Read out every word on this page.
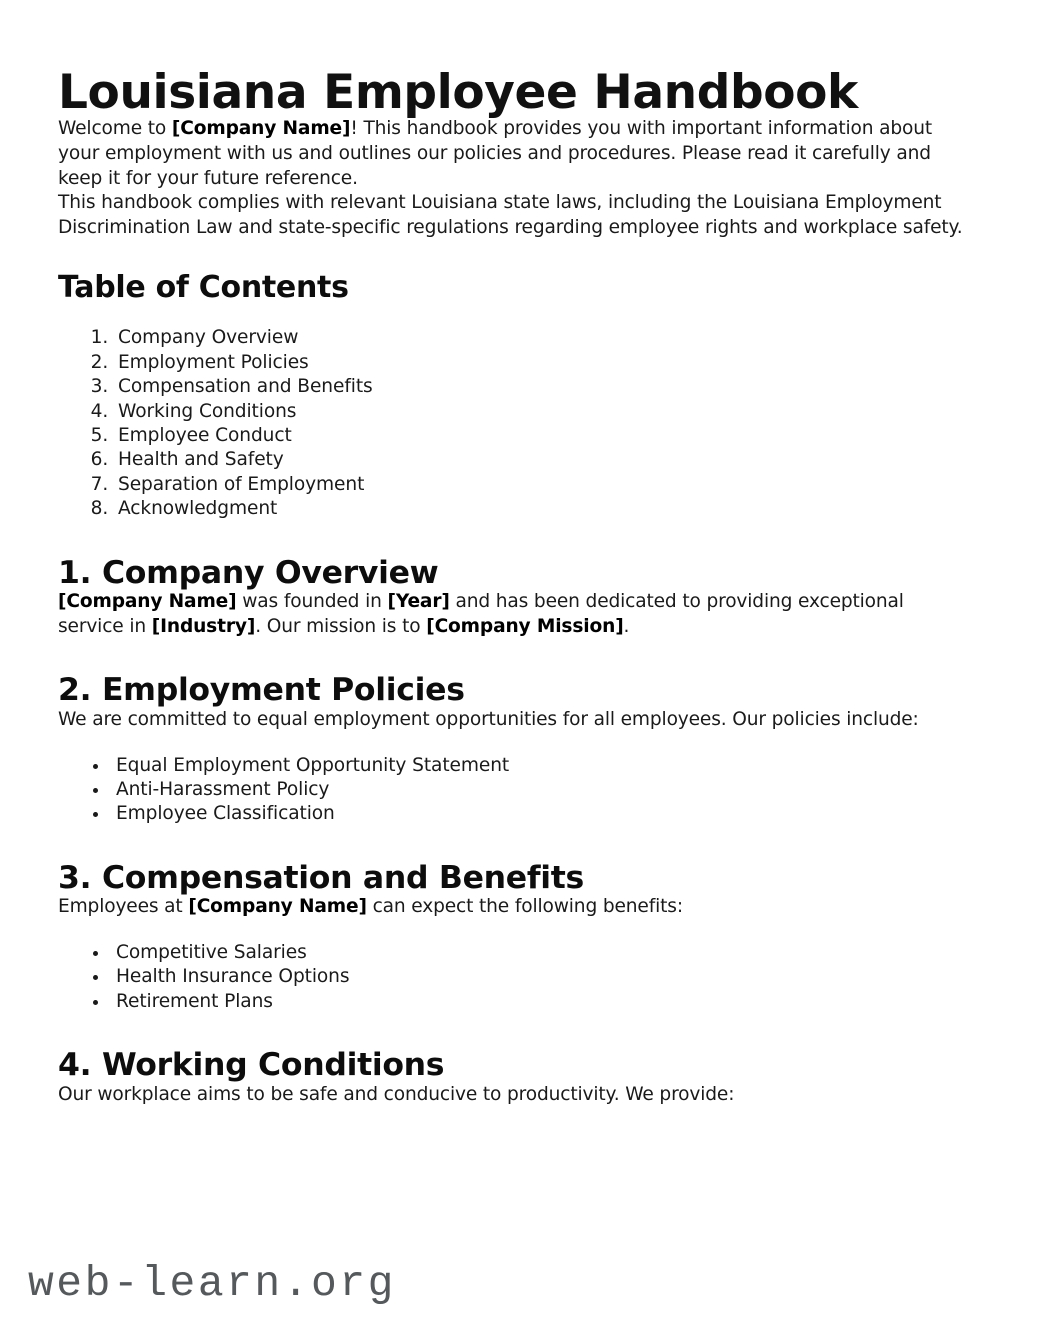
Louisiana Employee Handbook

Welcome to [Company Name]! This handbook provides you with important information about your employment with us and outlines our policies and procedures. Please read it carefully and keep it for your future reference.

This handbook complies with relevant Louisiana state laws, including the Louisiana Employment Discrimination Law and state-specific regulations regarding employee rights and workplace safety.

Table of Contents
1. Company Overview
2. Employment Policies
3. Compensation and Benefits
4. Working Conditions
5. Employee Conduct
6. Health and Safety
7. Separation of Employment
8. Acknowledgment
1. Company Overview

[Company Name] was founded in [Year] and has been dedicated to providing exceptional service in [Industry]. Our mission is to [Company Mission].

2. Employment Policies

We are committed to equal employment opportunities for all employees. Our policies include:

• Equal Employment Opportunity Statement
• Anti-Harassment Policy
• Employee Classification
3. Compensation and Benefits

Employees at [Company Name] can expect the following benefits:

• Competitive Salaries
• Health Insurance Options
• Retirement Plans
4. Working Conditions

Our workplace aims to be safe and conducive to productivity. We provide:

web-learn.org
